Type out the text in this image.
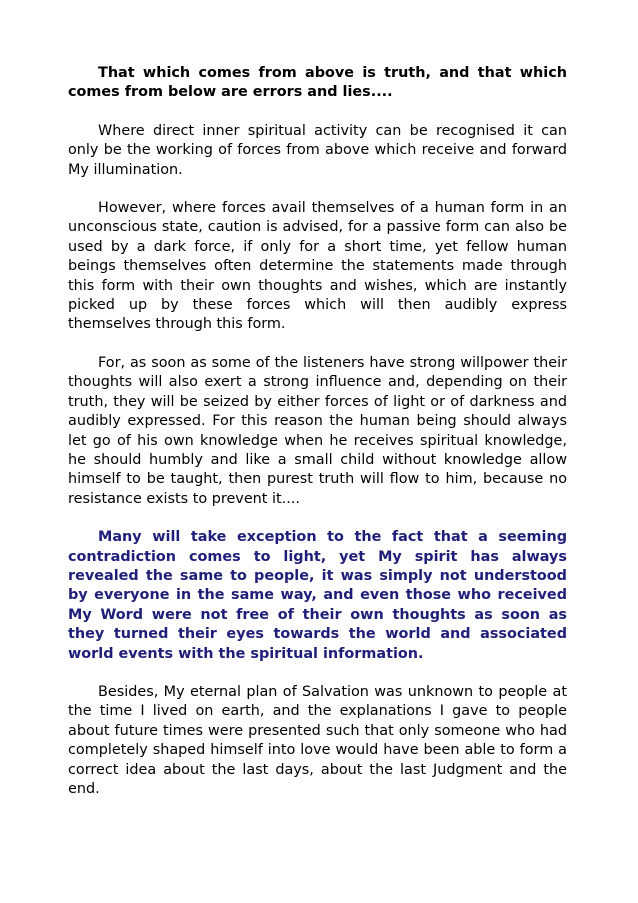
That which comes from above is truth, and that which comes from below are errors and lies....

Where direct inner spiritual activity can be recognised it can only be the working of forces from above which receive and forward My illumination.

However, where forces avail themselves of a human form in an unconscious state, caution is advised, for a passive form can also be used by a dark force, if only for a short time, yet fellow human beings themselves often determine the statements made through this form with their own thoughts and wishes, which are instantly picked up by these forces which will then audibly express themselves through this form.

For, as soon as some of the listeners have strong willpower their thoughts will also exert a strong influence and, depending on their truth, they will be seized by either forces of light or of darkness and audibly expressed. For this reason the human being should always let go of his own knowledge when he receives spiritual knowledge, he should humbly and like a small child without knowledge allow himself to be taught, then purest truth will flow to him, because no resistance exists to prevent it....

Many will take exception to the fact that a seeming contradiction comes to light, yet My spirit has always revealed the same to people, it was simply not understood by everyone in the same way, and even those who received My Word were not free of their own thoughts as soon as they turned their eyes towards the world and associated world events with the spiritual information.

Besides, My eternal plan of Salvation was unknown to people at the time I lived on earth, and the explanations I gave to people about future times were presented such that only someone who had completely shaped himself into love would have been able to form a correct idea about the last days, about the last Judgment and the end.
